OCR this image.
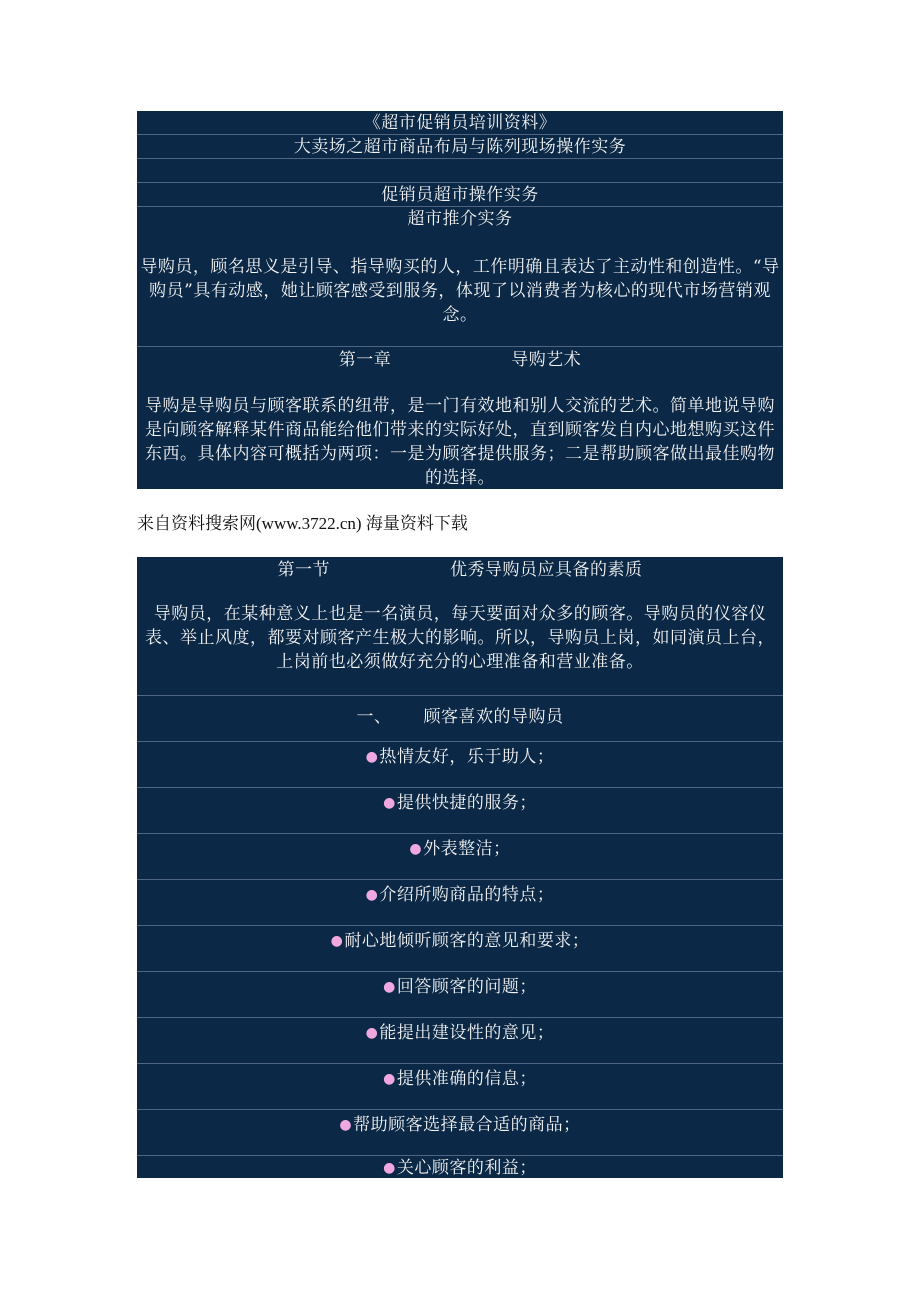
《超市促销员培训资料》
大卖场之超市商品布局与陈列现场操作实务
促销员超市操作实务
超市推介实务
导购员，顾名思义是引导、指导购买的人，工作明确且表达了主动性和创造性。“导购员”具有动感，她让顾客感受到服务，体现了以消费者为核心的现代市场营销观念。
第一章	导购艺术
导购是导购员与顾客联系的纽带，是一门有效地和别人交流的艺术。简单地说导购是向顾客解释某件商品能给他们带来的实际好处，直到顾客发自内心地想购买这件东西。具体内容可概括为两项：一是为顾客提供服务；二是帮助顾客做出最佳购物的选择。
来自资料搜索网(www.3722.cn) 海量资料下载
第一节	优秀导购员应具备的素质
导购员，在某种意义上也是一名演员，每天要面对众多的顾客。导购员的仪容仪表、举止风度，都要对顾客产生极大的影响。所以，导购员上岗，如同演员上台，上岗前也必须做好充分的心理准备和营业准备。
一、 顾客喜欢的导购员
●热情友好，乐于助人；
●提供快捷的服务；
●外表整洁；
●介绍所购商品的特点；
●耐心地倾听顾客的意见和要求；
●回答顾客的问题；
●能提出建设性的意见；
●提供准确的信息；
●帮助顾客选择最合适的商品；
●关心顾客的利益；
